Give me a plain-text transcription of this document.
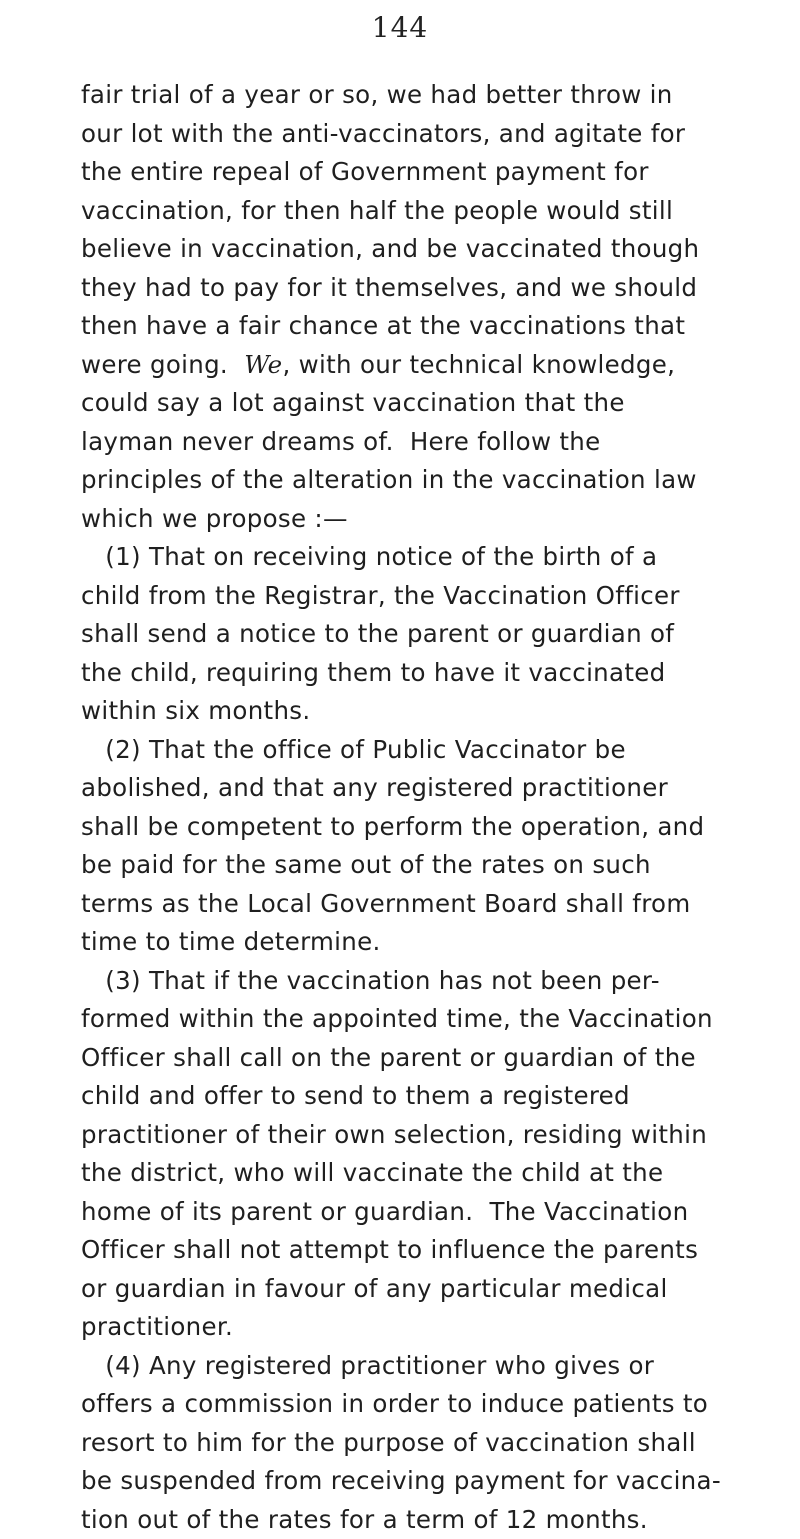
144
fair trial of a year or so, we had better throw in
our lot with the anti-vaccinators, and agitate for
the entire repeal of Government payment for
vaccination, for then half the people would still
believe in vaccination, and be vaccinated though
they had to pay for it themselves, and we should
then have a fair chance at the vaccinations that
were going.  We, with our technical knowledge,
could say a lot against vaccination that the
layman never dreams of.  Here follow the
principles of the alteration in the vaccination law
which we propose :—
(1) That on receiving notice of the birth of a
child from the Registrar, the Vaccination Officer
shall send a notice to the parent or guardian of
the child, requiring them to have it vaccinated
within six months.
(2) That the office of Public Vaccinator be
abolished, and that any registered practitioner
shall be competent to perform the operation, and
be paid for the same out of the rates on such
terms as the Local Government Board shall from
time to time determine.
(3) That if the vaccination has not been per-
formed within the appointed time, the Vaccination
Officer shall call on the parent or guardian of the
child and offer to send to them a registered
practitioner of their own selection, residing within
the district, who will vaccinate the child at the
home of its parent or guardian.  The Vaccination
Officer shall not attempt to influence the parents
or guardian in favour of any particular medical
practitioner.
(4) Any registered practitioner who gives or
offers a commission in order to induce patients to
resort to him for the purpose of vaccination shall
be suspended from receiving payment for vaccina-
tion out of the rates for a term of 12 months.
